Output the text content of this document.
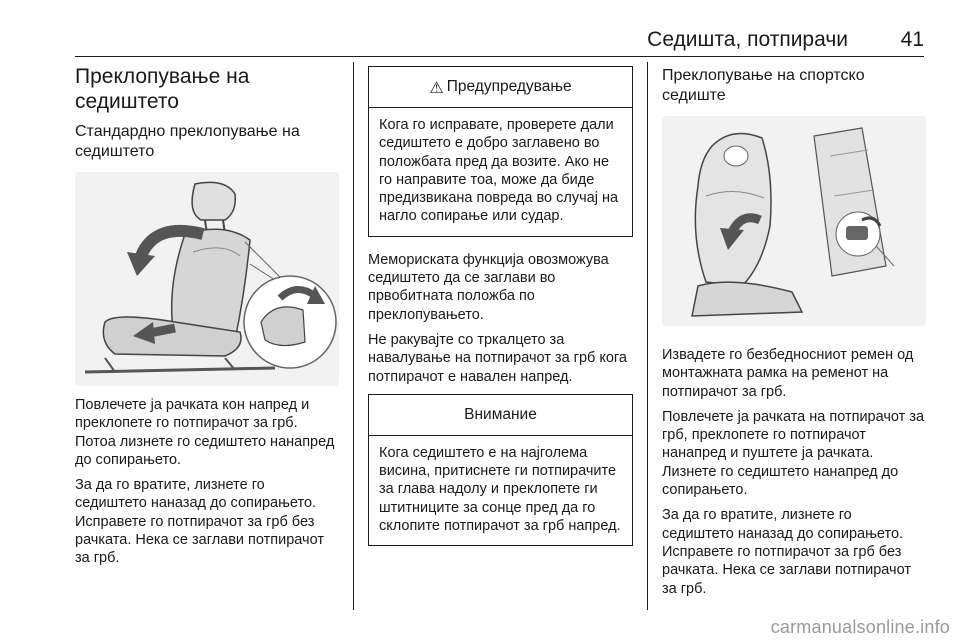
Седишта, потпирачи	41
Преклопување на седиштето
Стандардно преклопување на седиштето

Повлечете ја рачката кон напред и преклопете го потпирачот за грб. Потоа лизнете го седиштето нанапред до сопирањето.

За да го вратите, лизнете го седиштето наназад до сопирањето. Исправете го потпирачот за грб без рачката. Нека се заглави потпирачот за грб.

⚠ Предупредување

Кога го исправате, проверете дали седиштето е добро заглавено во положбата пред да возите. Ако не го направите тоа, може да биде предизвикана повреда во случај на нагло сопирање или судар.

Меморискатa функција овозможува седиштето да се заглави во првобитната положба по преклопувањето.

Не ракувајте со тркалцето за навалување на потпирачот за грб кога потпирачот е навален напред.

Внимание

Кога седиштето е на најголема висина, притиснете ги потпирачите за глава надолу и преклопете ги штитниците за сонце пред да го склопите потпирачот за грб напред.

Преклопување на спортско седиште

Извадете го безбедносниот ремен од монтажната рамка на ременот на потпирачот за грб.

Повлечете ја рачката на потпирачот за грб, преклопете го потпирачот нанапред и пуштете ја рачката. Лизнете го седиштето нанапред до сопирањето.

За да го вратите, лизнете го седиштето наназад до сопирањето. Исправете го потпирачот за грб без рачката. Нека се заглави потпирачот за грб.

carmanualsonline.info
